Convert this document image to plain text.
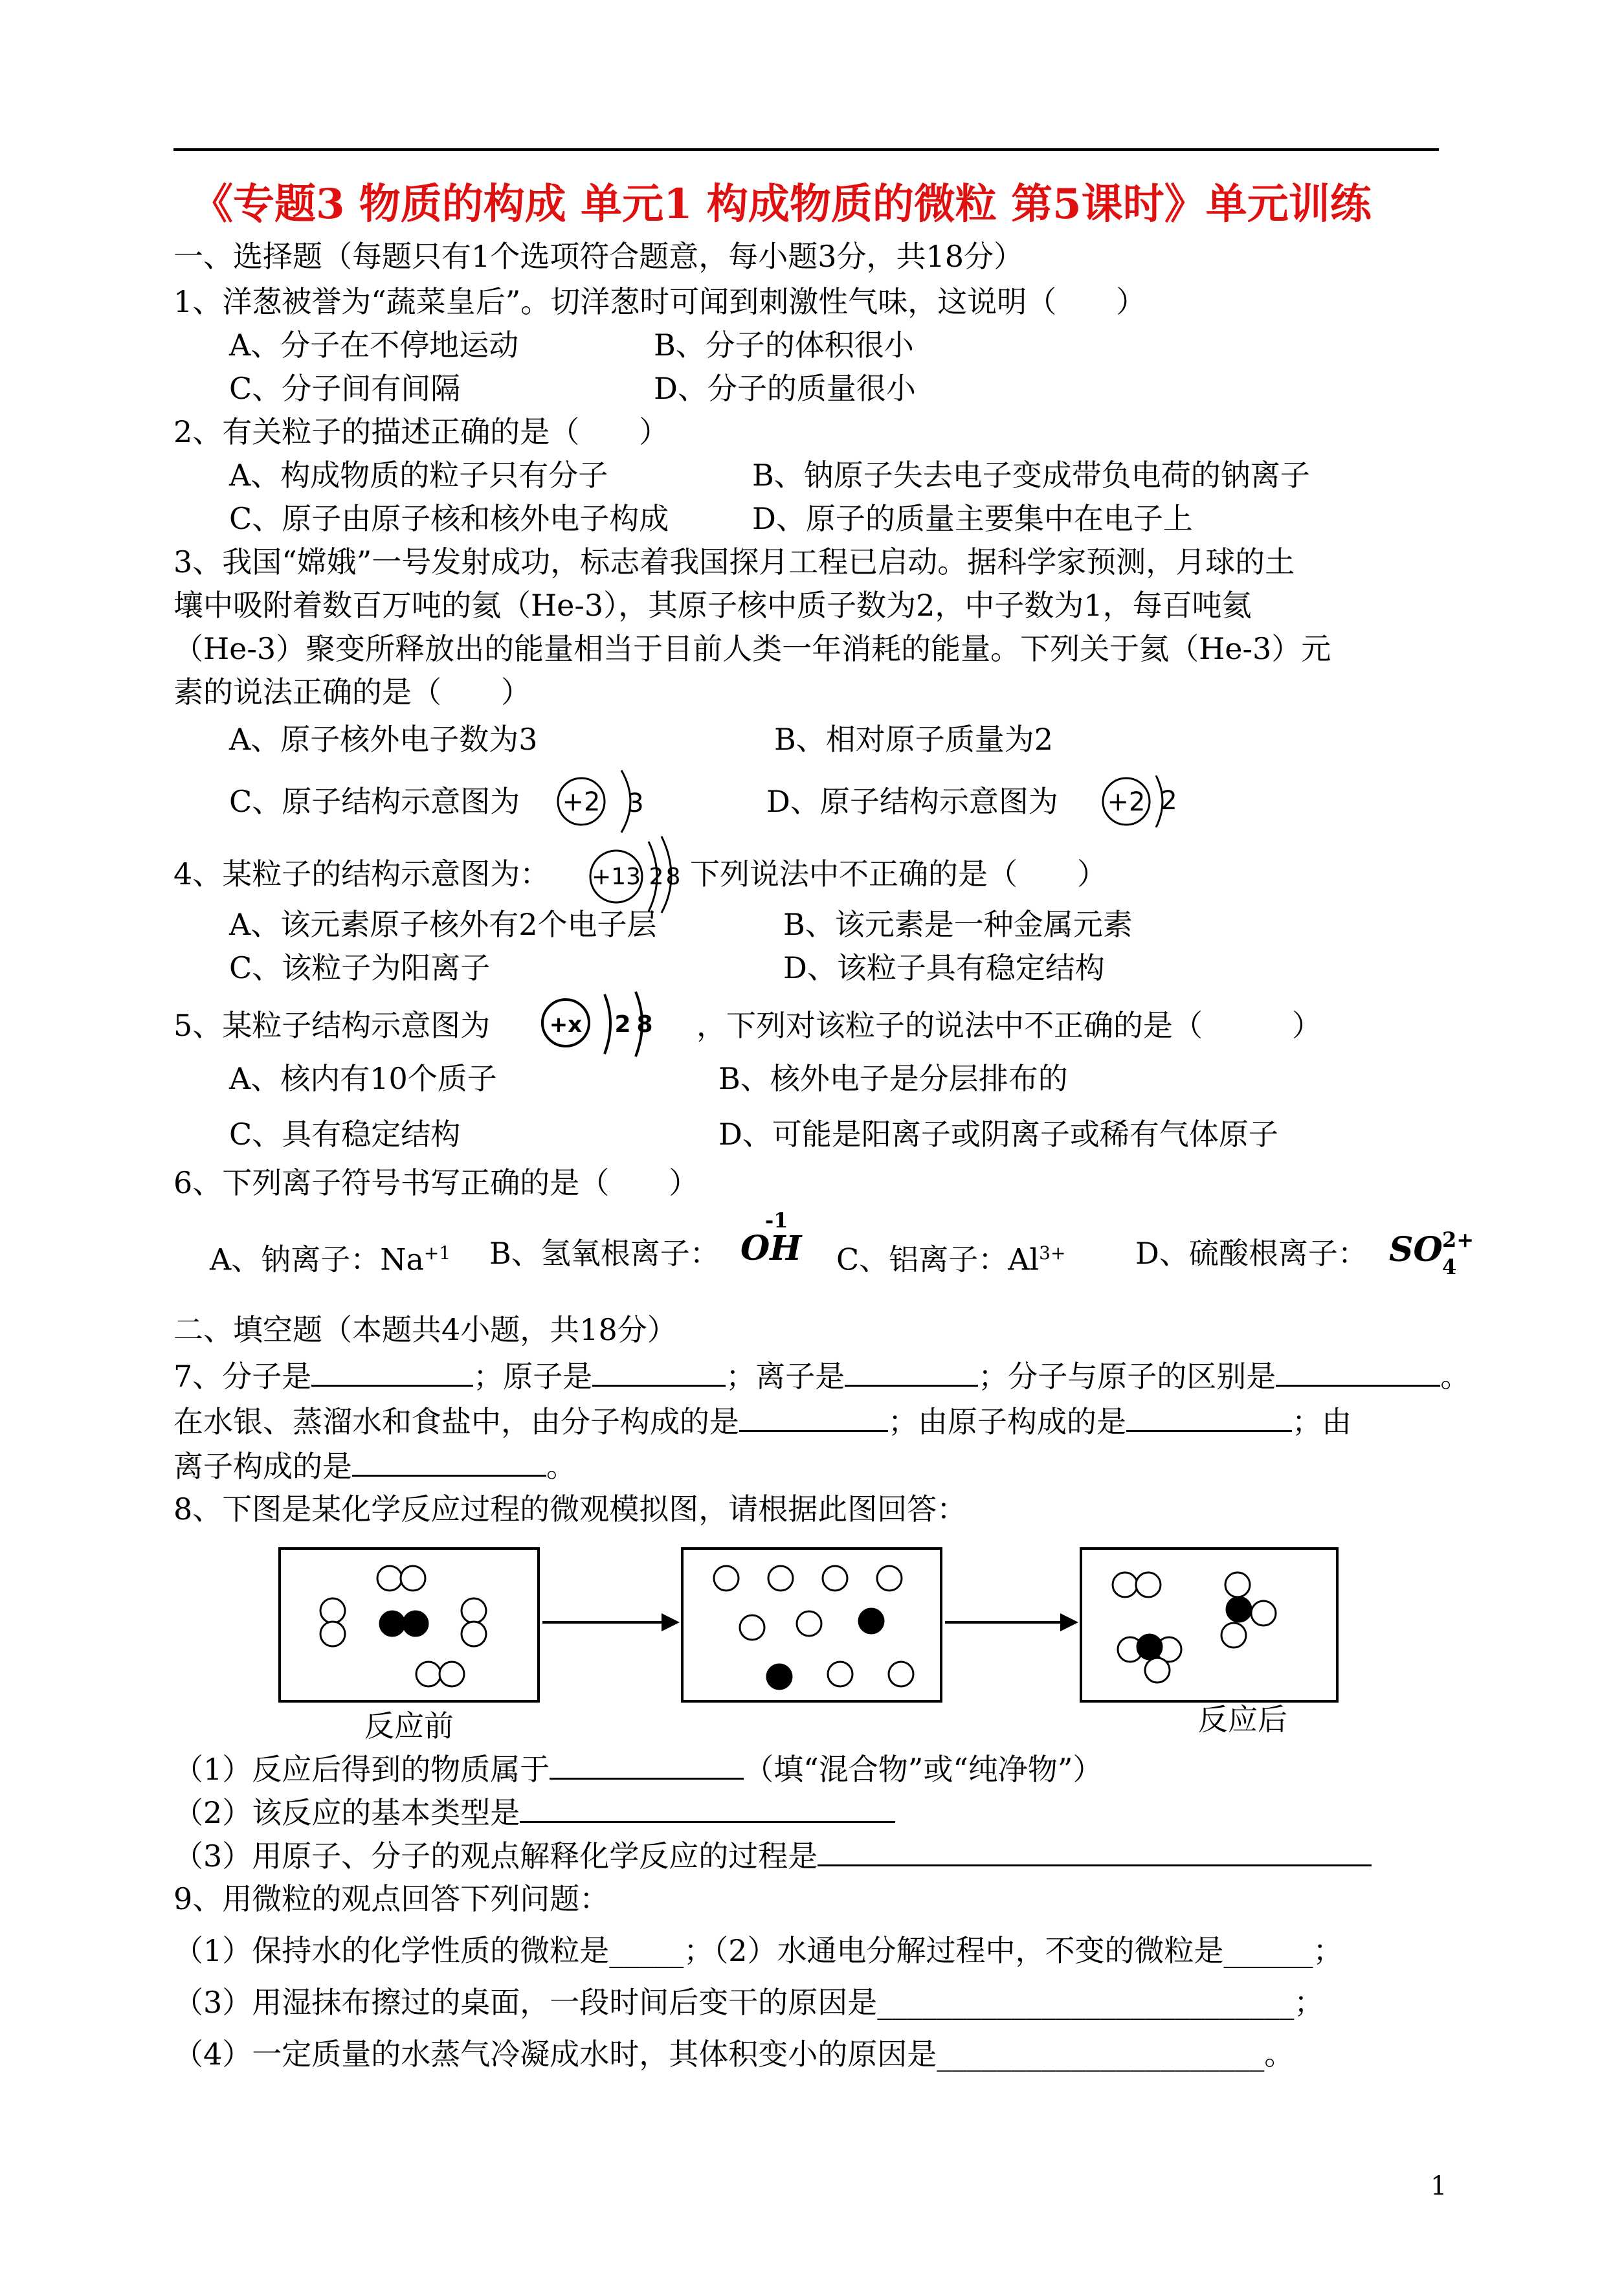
《专题3 物质的构成 单元1 构成物质的微粒 第5课时》单元训练
一、选择题（每题只有1个选项符合题意，每小题3分，共18分）
1、洋葱被誉为“蔬菜皇后”。切洋葱时可闻到刺激性气味，这说明（　　）
A、分子在不停地运动	B、分子的体积很小
C、分子间有间隔	D、分子的质量很小
2、有关粒子的描述正确的是（　　）
A、构成物质的粒子只有分子	B、钠原子失去电子变成带负电荷的钠离子
C、原子由原子核和核外电子构成	D、原子的质量主要集中在电子上
3、我国“嫦娥”一号发射成功，标志着我国探月工程已启动。据科学家预测，月球的土
壤中吸附着数百万吨的氦（He-3），其原子核中质子数为2，中子数为1，每百吨氦
（He-3）聚变所释放出的能量相当于目前人类一年消耗的能量。下列关于氦（He-3）元
素的说法正确的是（　　）
A、原子核外电子数为3	B、相对原子质量为2
C、原子结构示意图为 +2 3	D、原子结构示意图为 +2 2
4、某粒子的结构示意图为： +13 2 8 下列说法中不正确的是（　　）
A、该元素原子核外有2个电子层	B、该元素是一种金属元素
C、该粒子为阳离子	D、该粒子具有稳定结构
5、某粒子结构示意图为	+x 2 8 ，下列对该粒子的说法中不正确的是（　　　）
A、核内有10个质子	B、核外电子是分层排布的
C、具有稳定结构	D、可能是阳离子或阴离子或稀有气体原子
6、下列离子符号书写正确的是（　　）
A、钠离子：$Na^{+1}$ B、氢氧根离子：
-1
OH C、铝离子：$Al^{3+}$ D、硫酸根离子： SO 2+
4
二、填空题（本题共4小题，共18分）
7、分子是	；原子是	；离子是	；分子与原子的区别是	。
在水银、蒸溜水和食盐中，由分子构成的是	；由原子构成的是	；由
离子构成的是	。
8、下图是某化学反应过程的微观模拟图，请根据此图回答：
反应前	反应后
（1）反应后得到的物质属于	（填“混合物”或“纯净物”）
（2）该反应的基本类型是
（3）用原子、分子的观点解释化学反应的过程是
9、用微粒的观点回答下列问题：
（1）保持水的化学性质的微粒是_____；（2）水通电分解过程中，不变的微粒是______；
（3）用湿抹布擦过的桌面，一段时间后变干的原因是____________________________；
（4）一定质量的水蒸气冷凝成水时，其体积变小的原因是______________________。
1
